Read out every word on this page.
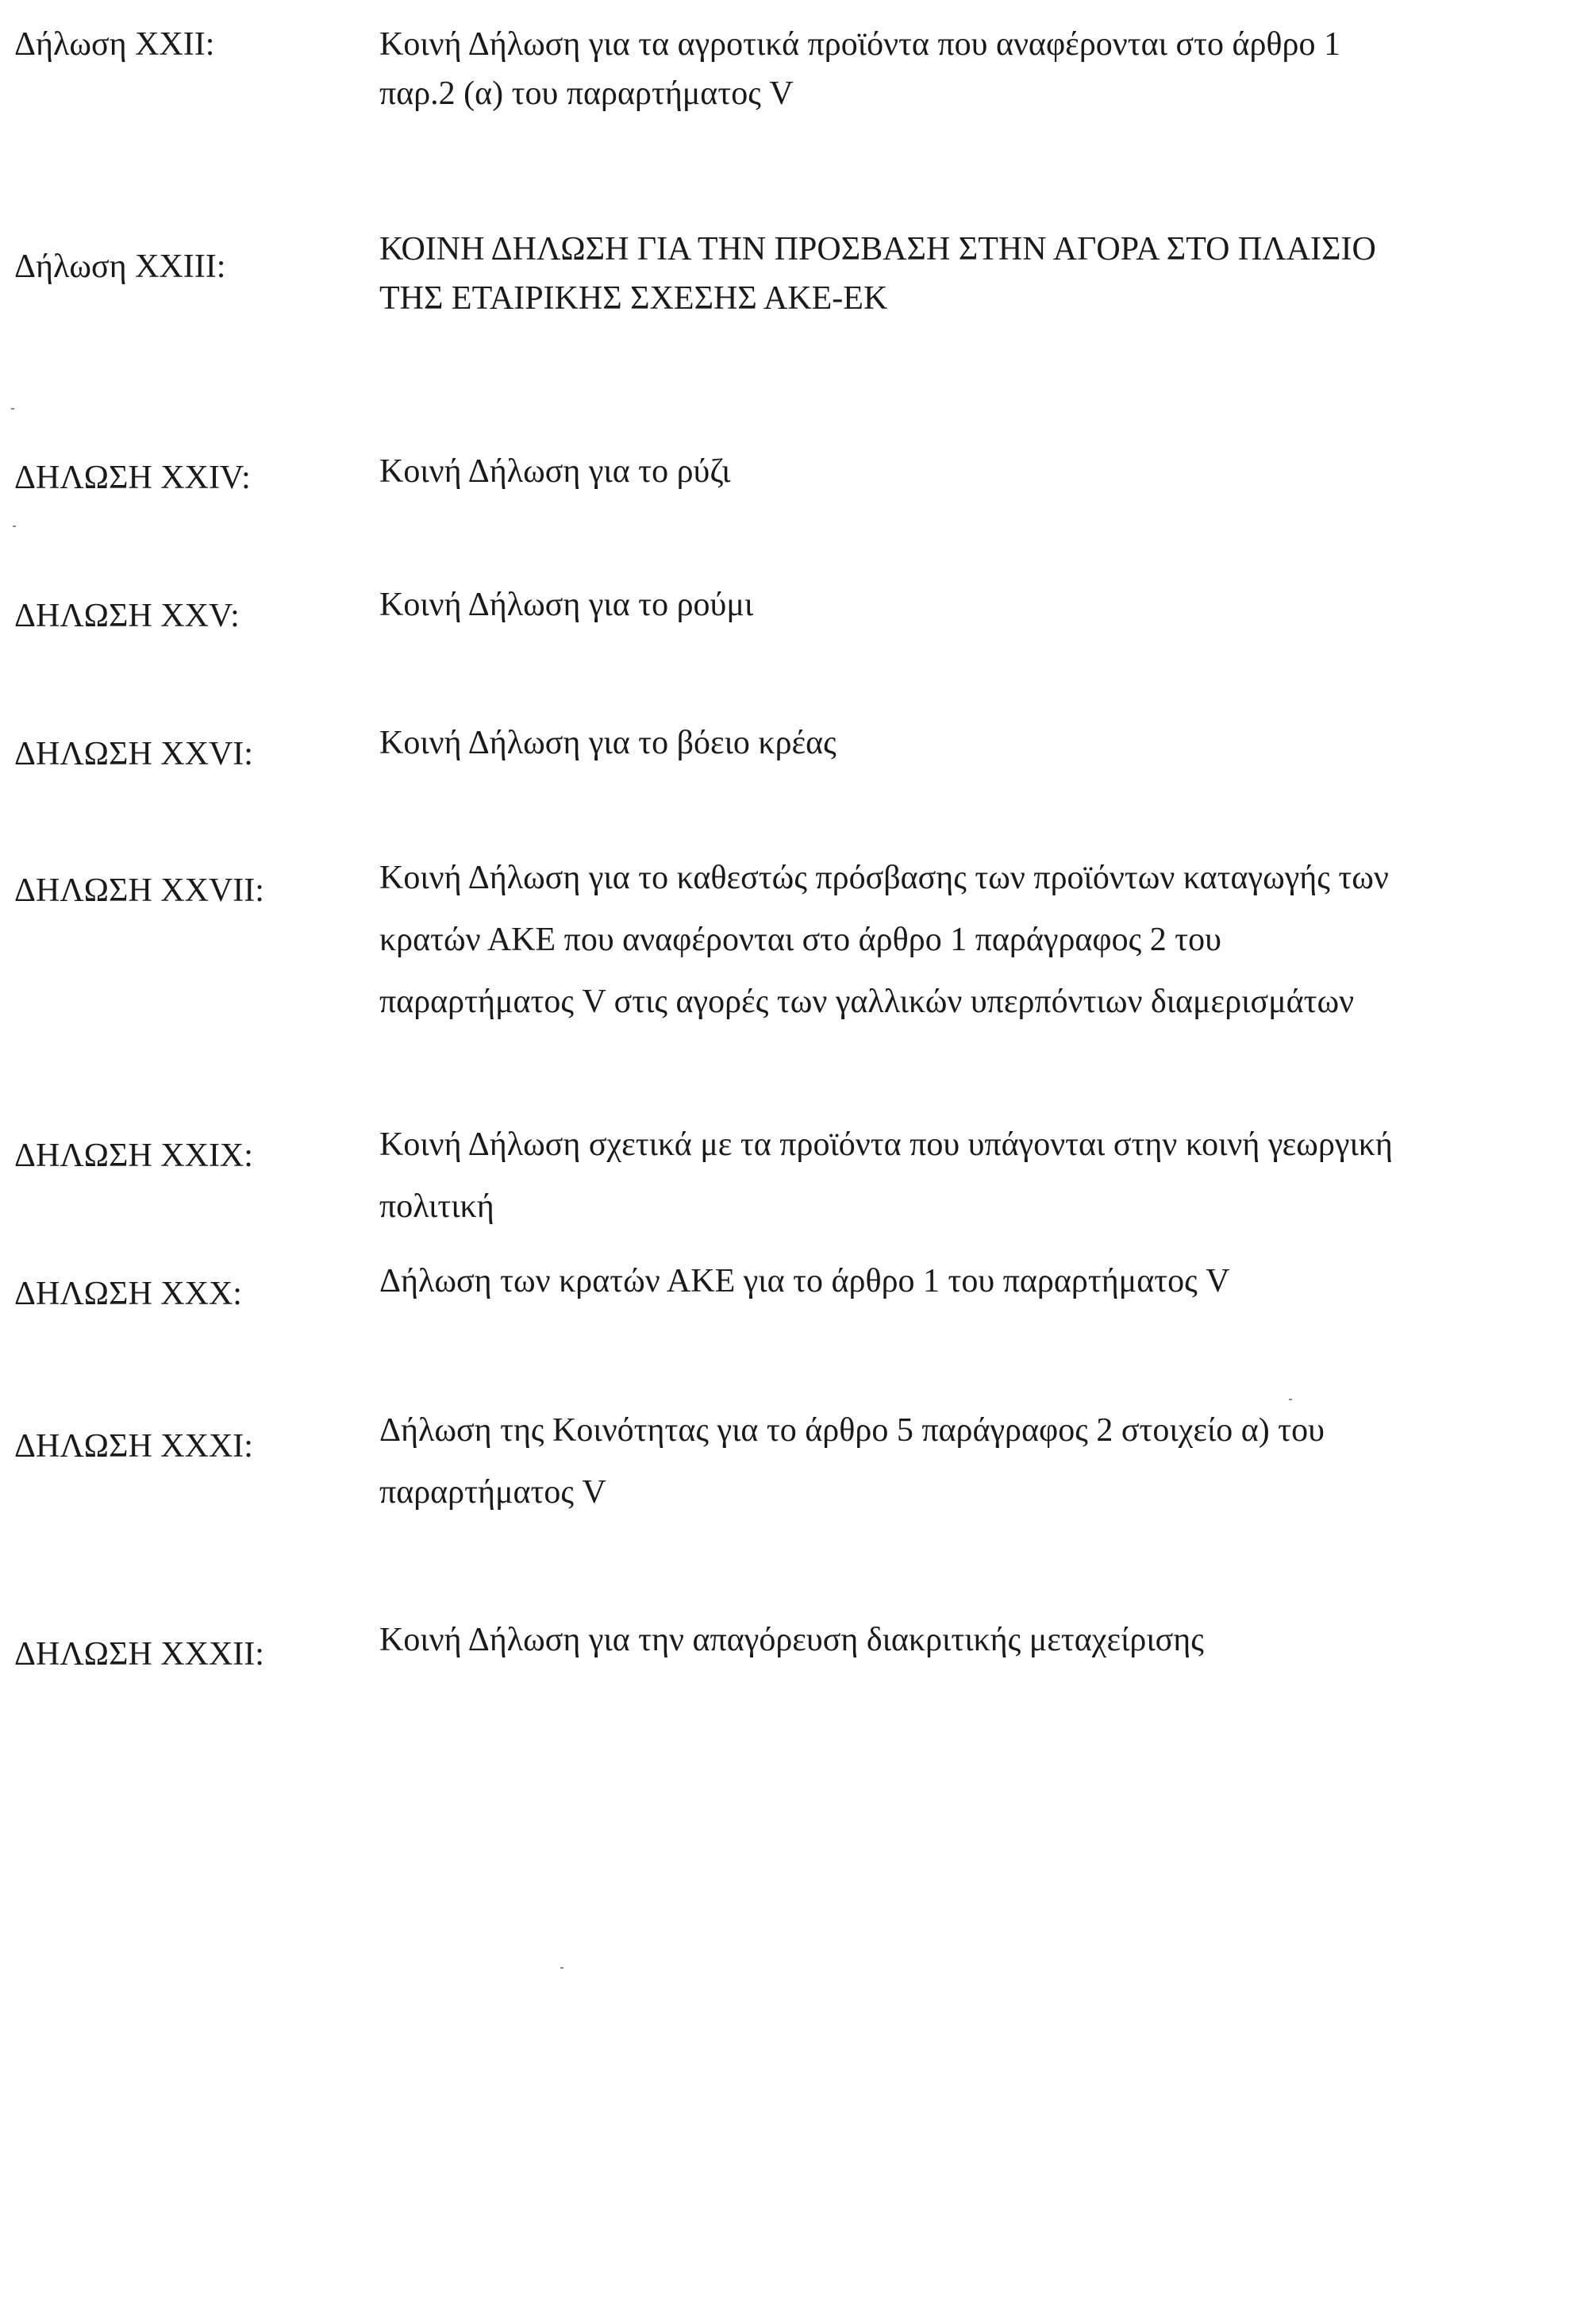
Δήλωση XXII:	Κοινή Δήλωση για τα αγροτικά προϊόντα που αναφέρονται στο άρθρο 1
παρ.2 (α) του παραρτήματος V
Δήλωση XXIII:	ΚΟΙΝΗ ΔΗΛΩΣΗ ΓΙΑ ΤΗΝ ΠΡΟΣΒΑΣΗ ΣΤΗΝ ΑΓΟΡΑ ΣΤΟ ΠΛΑΙΣΙΟ
ΤΗΣ ΕΤΑΙΡΙΚΗΣ ΣΧΕΣΗΣ ΑΚΕ-ΕΚ
ΔΗΛΩΣΗ XXIV:	Κοινή Δήλωση για το ρύζι
ΔΗΛΩΣΗ XXV:	Κοινή Δήλωση για το ρούμι
ΔΗΛΩΣΗ XXVI:	Κοινή Δήλωση για το βόειο κρέας
ΔΗΛΩΣΗ XXVII:	Κοινή Δήλωση για το καθεστώς πρόσβασης των προϊόντων καταγωγής των
κρατών ΑΚΕ που αναφέρονται στο άρθρο 1 παράγραφος 2 του
παραρτήματος V στις αγορές των γαλλικών υπερπόντιων διαμερισμάτων
ΔΗΛΩΣΗ XXIX:	Κοινή Δήλωση σχετικά με τα προϊόντα που υπάγονται στην κοινή γεωργική
πολιτική
ΔΗΛΩΣΗ XXX:	Δήλωση των κρατών ΑΚΕ για το άρθρο 1 του παραρτήματος V
ΔΗΛΩΣΗ XXXI:	Δήλωση της Κοινότητας για το άρθρο 5 παράγραφος 2 στοιχείο α) του
παραρτήματος V
ΔΗΛΩΣΗ XXXII:	Κοινή Δήλωση για την απαγόρευση διακριτικής μεταχείρισης
